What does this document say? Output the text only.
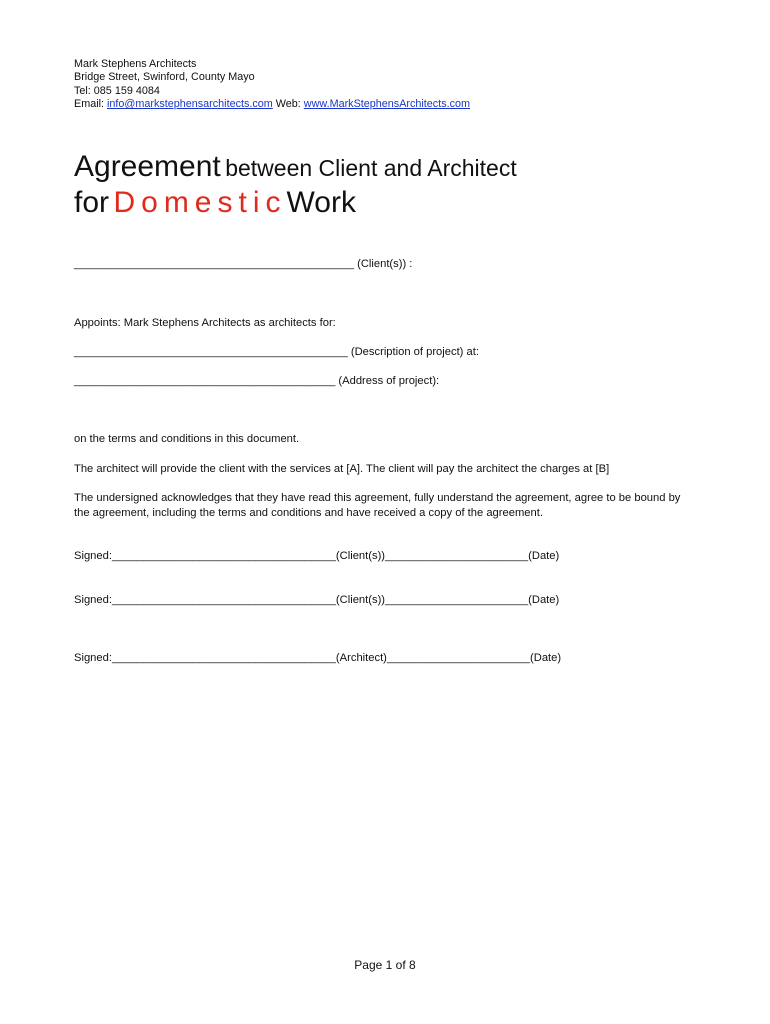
Mark Stephens Architects
Bridge Street, Swinford, County Mayo
Tel: 085 159 4084
Email: info@markstephensarchitects.com Web: www.MarkStephensArchitects.com
Agreement between Client and Architect
for DomesticWork
_____________________________________________ (Client(s)) :
Appoints: Mark Stephens Architects as architects for:
____________________________________________ (Description of project) at:
__________________________________________ (Address of project):
on the terms and conditions in this document.
The architect will provide the client with the services at [A]. The client will pay the architect the charges at [B]
The undersigned acknowledges that they have read this agreement, fully understand the agreement, agree to be bound by the agreement, including the terms and conditions and have received a copy of the agreement.
Signed:____________________________________(Client(s))_______________________(Date)
Signed:____________________________________(Client(s))_______________________(Date)
Signed:____________________________________(Architect)_______________________(Date)
Page 1 of 8
